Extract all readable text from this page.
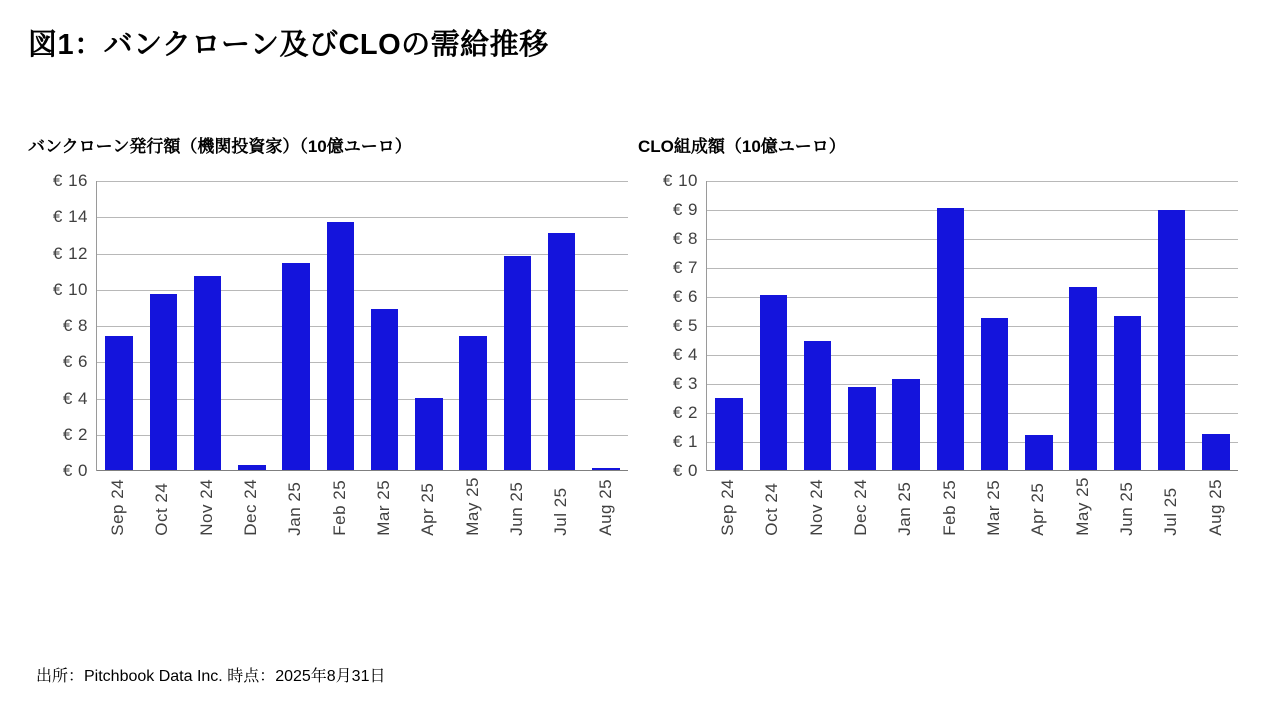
図1：バンクローン及びCLOの需給推移
バンクローン発行額（機関投資家）（10億ユーロ）
€ 0
€ 2
€ 4
€ 6
€ 8
€ 10
€ 12
€ 14
€ 16
Sep 24 Oct 24 Nov 24 Dec 24 Jan 25 Feb 25 Mar 25 Apr 25 May 25 Jun 25 Jul 25 Aug 25
CLO組成額（10億ユーロ）
€ 0
€ 1
€ 2
€ 3
€ 4
€ 5
€ 6
€ 7
€ 8
€ 9
€ 10
Sep 24 Oct 24 Nov 24 Dec 24 Jan 25 Feb 25 Mar 25 Apr 25 May 25 Jun 25 Jul 25 Aug 25
出所：Pitchbook Data Inc. 時点：2025年8月31日
